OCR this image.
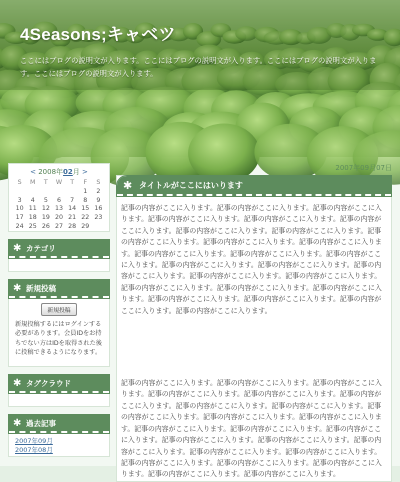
4Seasons;キャベツ
ここにはブログの説明文が入ります。ここにはブログの説明文が入ります。ここにはブログの説明文が入ります。ここにはブログの説明文が入ります。
< 2008年02月 >
S	M	T	W	T	F	S
					1	2
3	4	5	6	7	8	9
10	11	12	13	14	15	16
17	18	19	20	21	22	23
24	25	26	27	28	29	
✱ カテゴリ
✱ 新規投稿
新規投稿
新規投稿するにはログインする必要があります。会員IDをお持ちでない方はIDを取得された後に投稿できるようになります。
✱ タグクラウド
✱ 過去記事
2007年09月
2007年08月
2007年09月07日
✱ タイトルがここにはいります

記事の内容がここに入ります。記事の内容がここに入ります。記事の内容がここに入ります。記事の内容がここに入ります。記事の内容がここに入ります。記事の内容がここに入ります。記事の内容がここに入ります。記事の内容がここに入ります。記事の内容がここに入ります。記事の内容がここに入ります。記事の内容がここに入ります。記事の内容がここに入ります。記事の内容がここに入ります。記事の内容がここに入ります。記事の内容がここに入ります。記事の内容がここに入ります。記事の内容がここに入ります。記事の内容がここに入ります。記事の内容がここに入ります。記事の内容がここに入ります。記事の内容がここに入ります。記事の内容がここに入ります。記事の内容がここに入ります。記事の内容がここに入ります。記事の内容がここに入ります。記事の内容がここに入ります。

記事の内容がここに入ります。記事の内容がここに入ります。記事の内容がここに入ります。記事の内容がここに入ります。記事の内容がここに入ります。記事の内容がここに入ります。記事の内容がここに入ります。記事の内容がここに入ります。記事の内容がここに入ります。記事の内容がここに入ります。記事の内容がここに入ります。記事の内容がここに入ります。記事の内容がここに入ります。記事の内容がここに入ります。記事の内容がここに入ります。記事の内容がここに入ります。記事の内容がここに入ります。記事の内容がここに入ります。記事の内容がここに入ります。記事の内容がここに入ります。記事の内容がここに入ります。記事の内容がここに入ります。記事の内容がここに入ります。記事の内容がここに入ります。
